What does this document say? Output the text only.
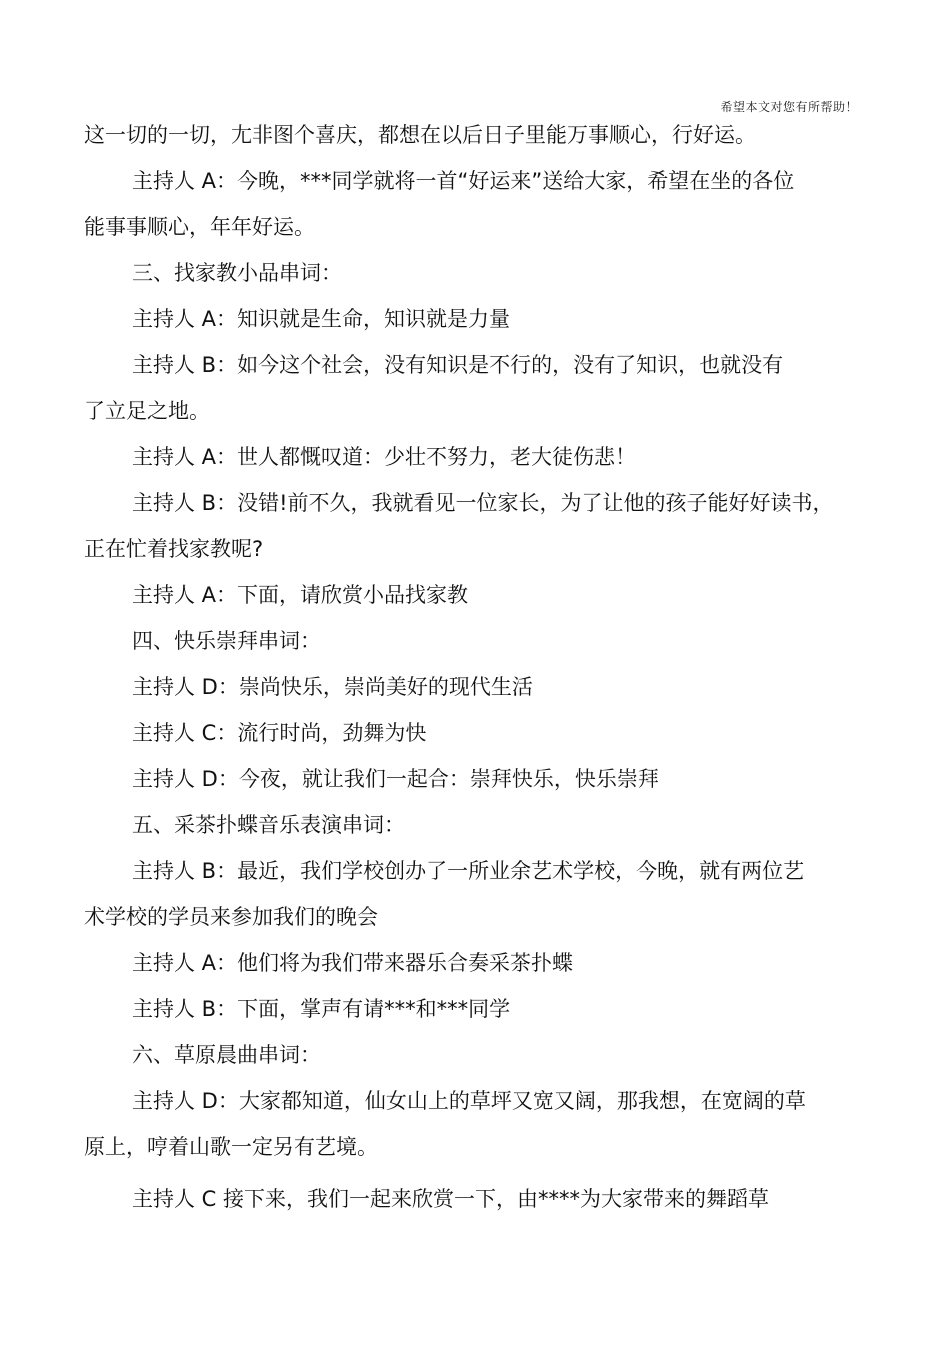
希望本文对您有所帮助！

这一切的一切，尢非图个喜庆，都想在以后日子里能万事顺心，行好运。

主持人 A：今晚，***同学就将一首“好运来”送给大家，希望在坐的各位

能事事顺心，年年好运。

三、找家教小品串词：

主持人 A：知识就是生命，知识就是力量

主持人 B：如今这个社会，没有知识是不行的，没有了知识，也就没有

了立足之地。

主持人 A：世人都慨叹道：少壮不努力，老大徒伤悲！

主持人 B：没错!前不久，我就看见一位家长，为了让他的孩子能好好读书，

正在忙着找家教呢?

主持人 A：下面，请欣赏小品找家教

四、快乐崇拜串词：

主持人 D：崇尚快乐，崇尚美好的现代生活

主持人 C：流行时尚，劲舞为快

主持人 D：今夜，就让我们一起合：崇拜快乐，快乐崇拜

五、采茶扑蝶音乐表演串词：

主持人 B：最近，我们学校创办了一所业余艺术学校，今晚，就有两位艺

术学校的学员来参加我们的晚会

主持人 A：他们将为我们带来器乐合奏采茶扑蝶

主持人 B：下面，掌声有请***和***同学

六、草原晨曲串词：

主持人 D：大家都知道，仙女山上的草坪又宽又阔，那我想，在宽阔的草

原上，哼着山歌一定另有艺境。

主持人 C 接下来，我们一起来欣赏一下，由****为大家带来的舞蹈草
